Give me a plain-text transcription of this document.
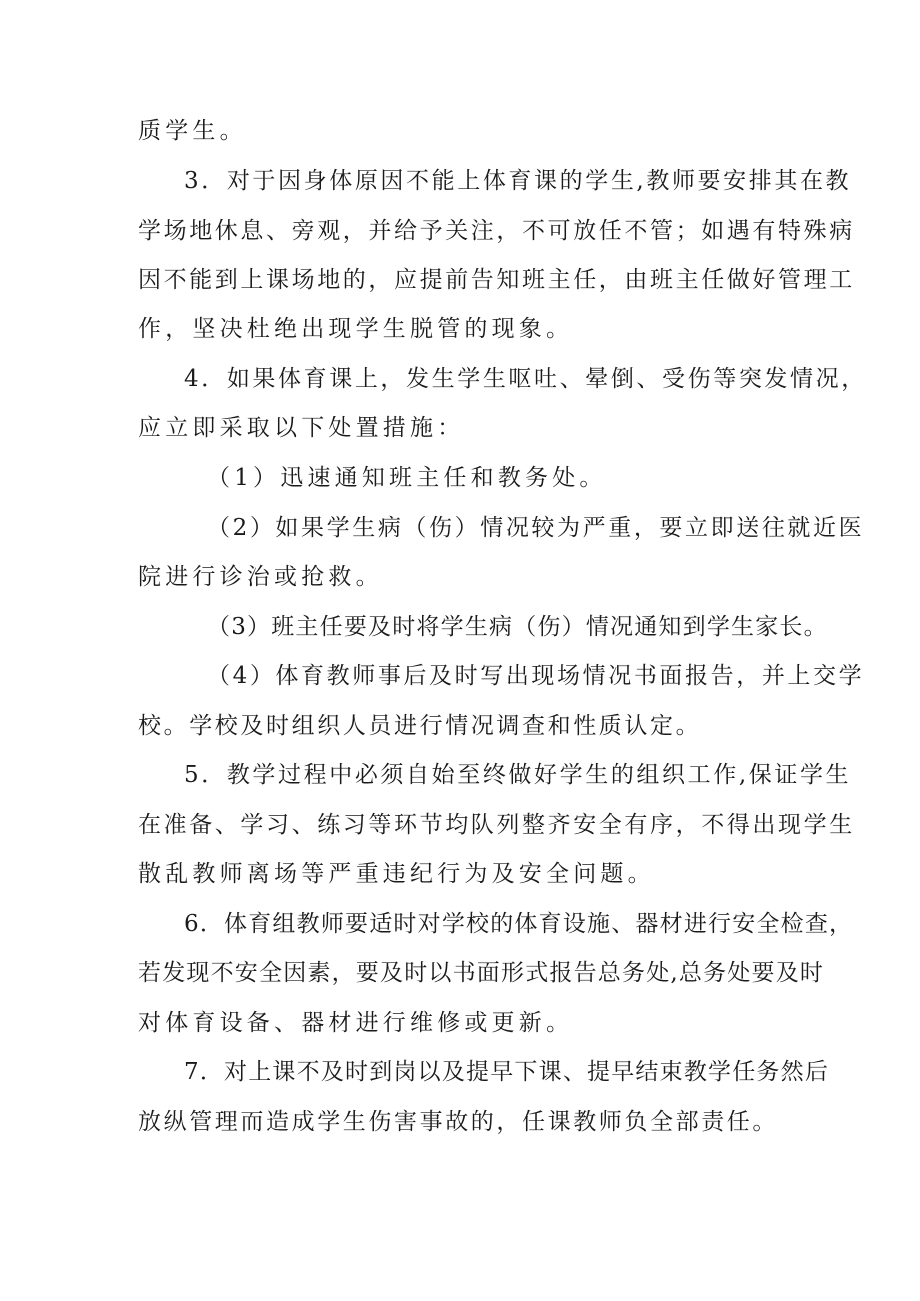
质学生。
3．对于因身体原因不能上体育课的学生,教师要安排其在教
学场地休息、旁观，并给予关注，不可放任不管；如遇有特殊病
因不能到上课场地的，应提前告知班主任，由班主任做好管理工
作，坚决杜绝出现学生脱管的现象。
4．如果体育课上，发生学生呕吐、晕倒、受伤等突发情况，
应立即采取以下处置措施：
（1）迅速通知班主任和教务处。
（2）如果学生病（伤）情况较为严重，要立即送往就近医
院进行诊治或抢救。
（3）班主任要及时将学生病（伤）情况通知到学生家长。
（4）体育教师事后及时写出现场情况书面报告，并上交学
校。学校及时组织人员进行情况调查和性质认定。
5．教学过程中必须自始至终做好学生的组织工作,保证学生
在准备、学习、练习等环节均队列整齐安全有序，不得出现学生
散乱教师离场等严重违纪行为及安全问题。
6．体育组教师要适时对学校的体育设施、器材进行安全检查，
若发现不安全因素，要及时以书面形式报告总务处,总务处要及时
对体育设备、器材进行维修或更新。
7．对上课不及时到岗以及提早下课、提早结束教学任务然后
放纵管理而造成学生伤害事故的，任课教师负全部责任。
